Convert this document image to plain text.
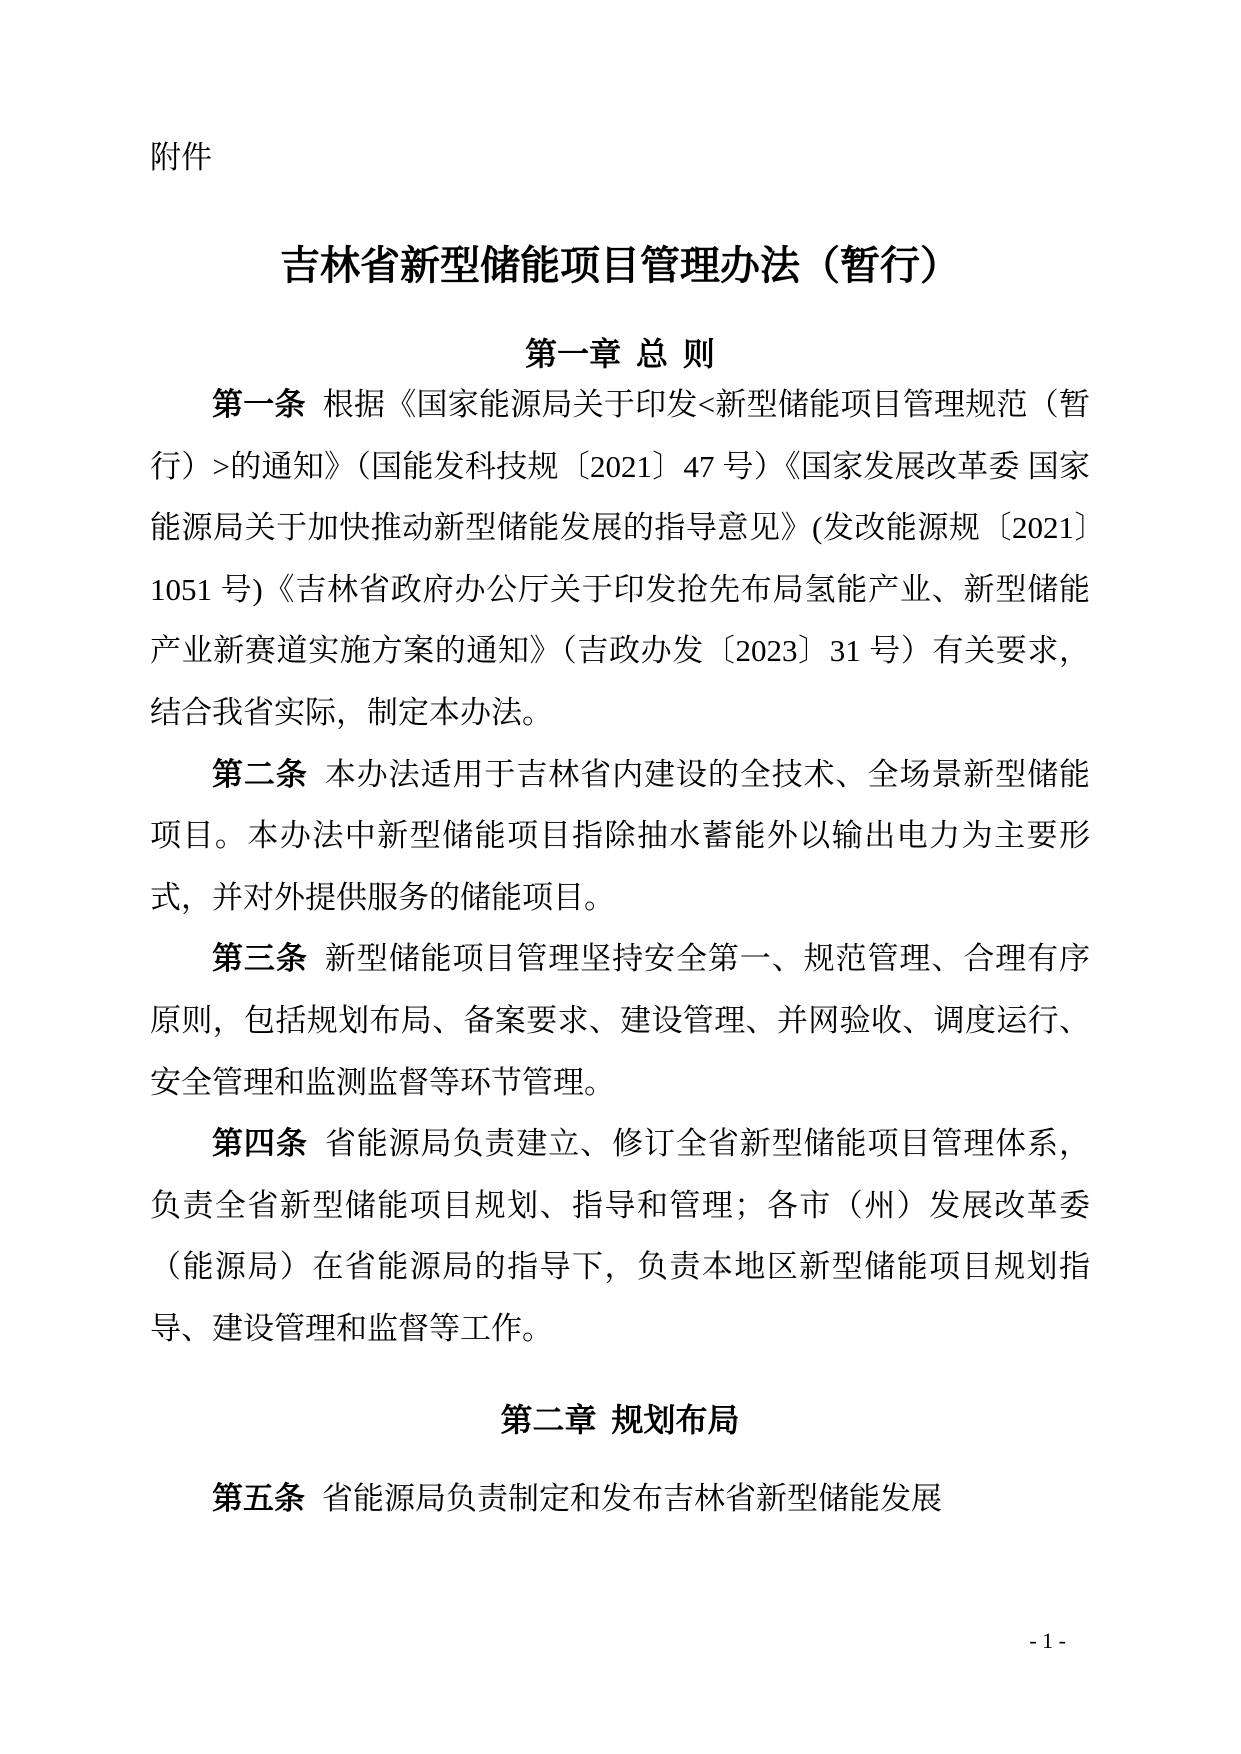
附件
吉林省新型储能项目管理办法（暂行）
第一章 总 则

第一条 根据《国家能源局关于印发<新型储能项目管理规范（暂行）>的通知》（国能发科技规〔2021〕47 号）《国家发展改革委 国家能源局关于加快推动新型储能发展的指导意见》(发改能源规〔2021〕1051 号)《吉林省政府办公厅关于印发抢先布局氢能产业、新型储能产业新赛道实施方案的通知》（吉政办发〔2023〕31 号）有关要求，结合我省实际，制定本办法。

第二条 本办法适用于吉林省内建设的全技术、全场景新型储能项目。本办法中新型储能项目指除抽水蓄能外以输出电力为主要形式，并对外提供服务的储能项目。

第三条 新型储能项目管理坚持安全第一、规范管理、合理有序原则，包括规划布局、备案要求、建设管理、并网验收、调度运行、安全管理和监测监督等环节管理。

第四条 省能源局负责建立、修订全省新型储能项目管理体系，负责全省新型储能项目规划、指导和管理；各市（州）发展改革委（能源局）在省能源局的指导下，负责本地区新型储能项目规划指导、建设管理和监督等工作。

第二章 规划布局

第五条 省能源局负责制定和发布吉林省新型储能发展

- 1 -
